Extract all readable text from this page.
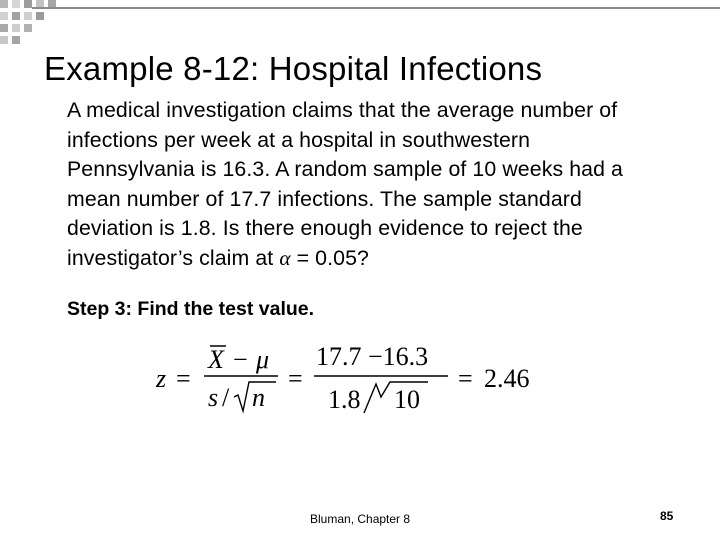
Example 8-12: Hospital Infections
A medical investigation claims that the average number of
infections per week at a hospital in southwestern
Pennsylvania is 16.3. A random sample of 10 weeks had a
mean number of 17.7 infections. The sample standard
deviation is 1.8. Is there enough evidence to reject the
investigator’s claim at α = 0.05?
Step 3: Find the test value.
z =
X − μ
s / n
=
17.7 −16.3
1.8 10
= 2.46
Bluman, Chapter 8	85
